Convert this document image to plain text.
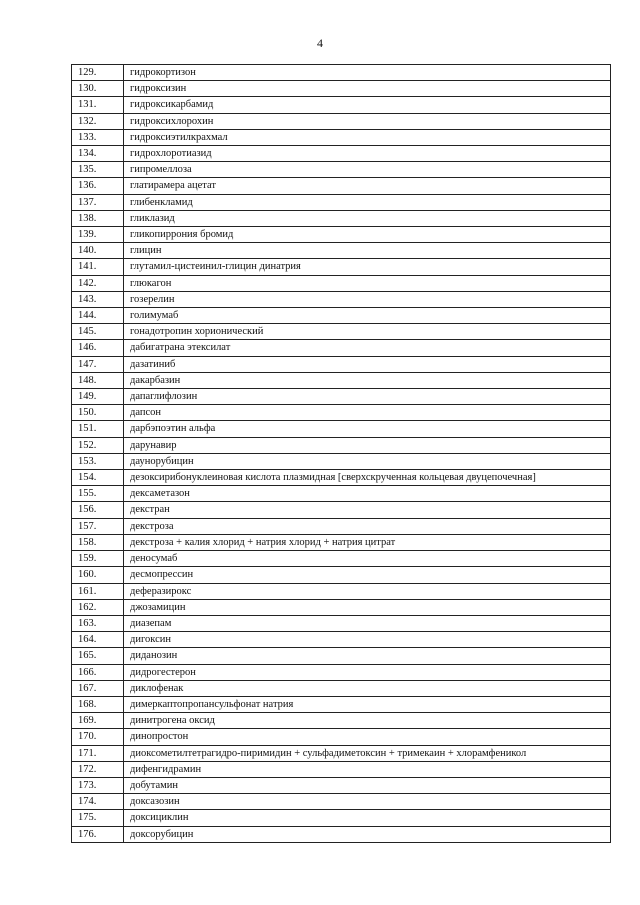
4
129.	гидрокортизон
130.	гидроксизин
131.	гидроксикарбамид
132.	гидроксихлорохин
133.	гидроксиэтилкрахмал
134.	гидрохлоротиазид
135.	гипромеллоза
136.	глатирамера ацетат
137.	глибенкламид
138.	гликлазид
139.	гликопиррония бромид
140.	глицин
141.	глутамил-цистеинил-глицин динатрия
142.	глюкагон
143.	гозерелин
144.	голимумаб
145.	гонадотропин хорионический
146.	дабигатрана этексилат
147.	дазатиниб
148.	дакарбазин
149.	дапаглифлозин
150.	дапсон
151.	дарбэпоэтин альфа
152.	дарунавир
153.	даунорубицин
154.	дезоксирибонуклеиновая кислота плазмидная [сверхскрученная кольцевая двуцепочечная]
155.	дексаметазон
156.	декстран
157.	декстроза
158.	декстроза + калия хлорид + натрия хлорид + натрия цитрат
159.	деносумаб
160.	десмопрессин
161.	деферазирокс
162.	джозамицин
163.	диазепам
164.	дигоксин
165.	диданозин
166.	дидрогестерон
167.	диклофенак
168.	димеркаптопропансульфонат натрия
169.	динитрогена оксид
170.	динопростон
171.	диоксометилтетрагидро-пиримидин + сульфадиметоксин + тримекаин + хлорамфеникол
172.	дифенгидрамин
173.	добутамин
174.	доксазозин
175.	доксициклин
176.	доксорубицин
